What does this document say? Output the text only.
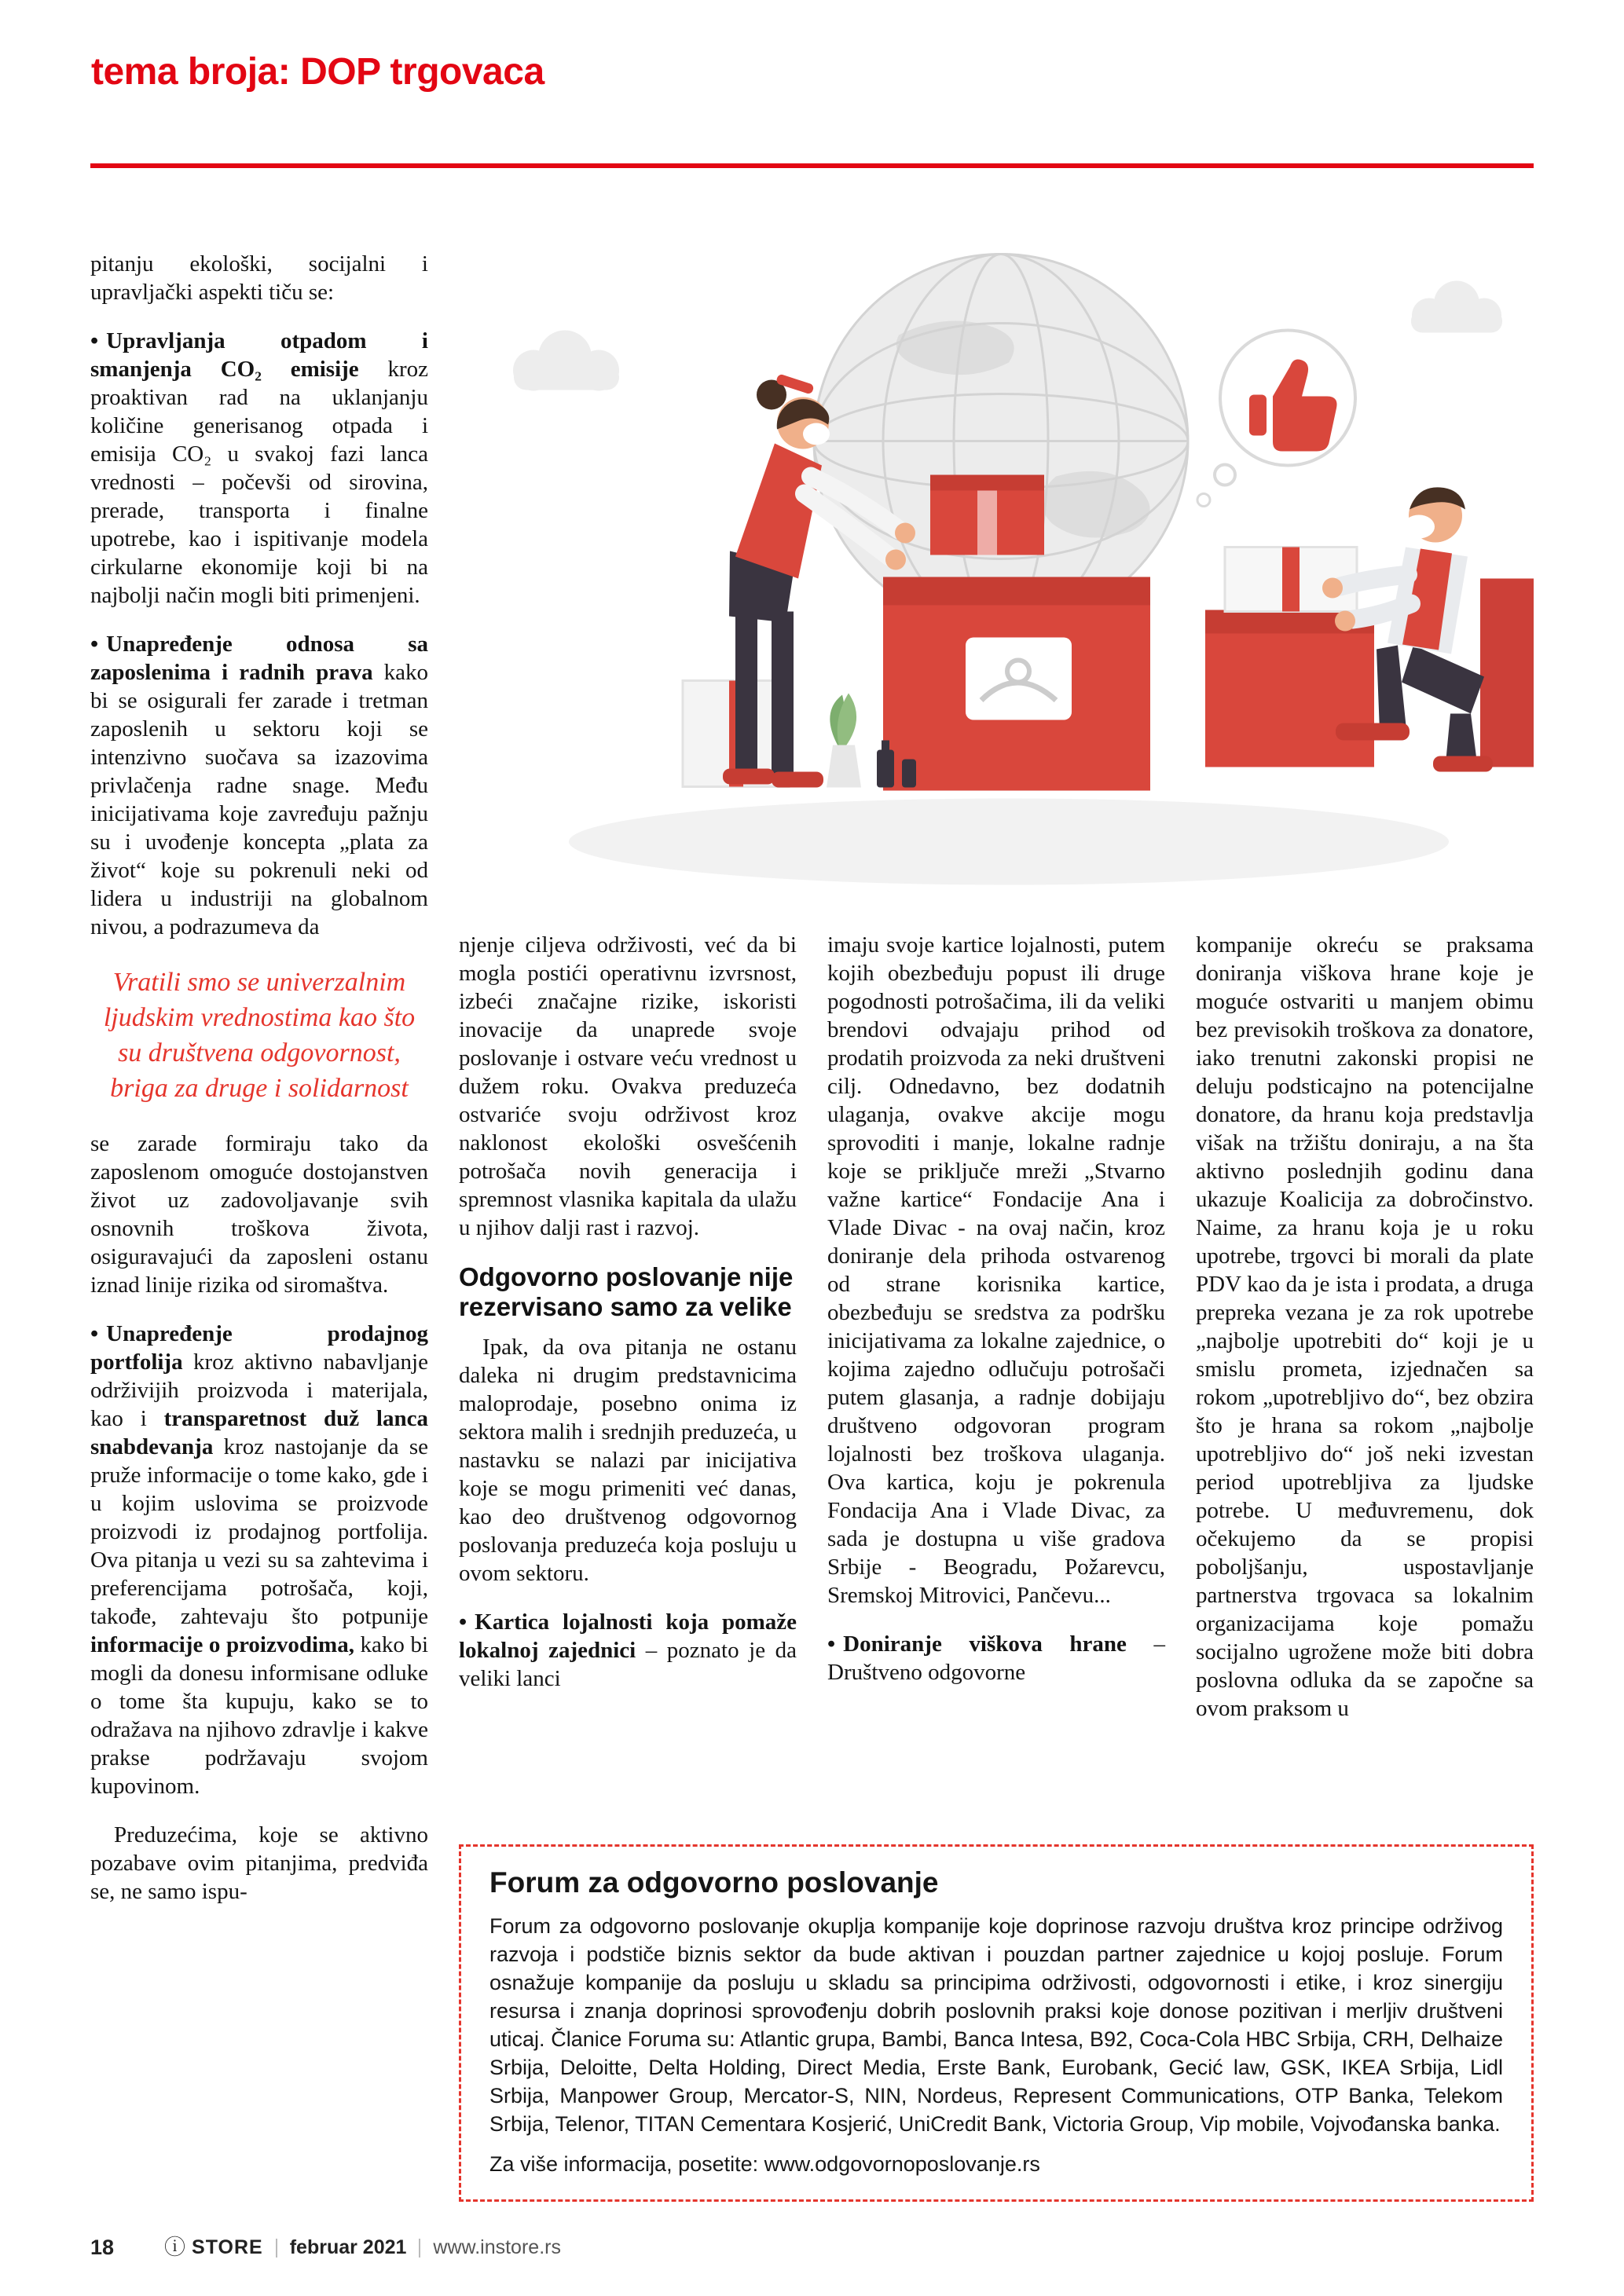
tema broja: DOP trgovaca

pitanju ekološki, socijalni i upravljački aspekti tiču se:

• Upravljanja otpadom i smanjenja CO₂ emisije kroz proaktivan rad na uklanjanju količine generisanog otpada i emisija CO₂ u svakoj fazi lanca vrednosti – počevši od sirovina, prerade, transporta i finalne upotrebe, kao i ispitivanje modela cirkularne ekonomije koji bi na najbolji način mogli biti primenjeni.

• Unapređenje odnosa sa zaposlenima i radnih prava kako bi se osigurali fer zarade i tretman zaposlenih u sektoru koji se intenzivno suočava sa izazovima privlačenja radne snage. Među inicijativama koje zavređuju pažnju su i uvođenje koncepta „plata za život“ koje su pokrenuli neki od lidera u industriji na globalnom nivou, a podrazumeva da

Vratili smo se univerzalnim ljudskim vrednostima kao što su društvena odgovornost, briga za druge i solidarnost

se zarade formiraju tako da zaposlenom omoguće dostojanstven život uz zadovoljavanje svih osnovnih troškova života, osiguravajući da zaposleni ostanu iznad linije rizika od siromaštva.

• Unapređenje prodajnog portfolija kroz aktivno nabavljanje održivijih proizvoda i materijala, kao i transparetnost duž lanca snabdevanja kroz nastojanje da se pruže informacije o tome kako, gde i u kojim uslovima se proizvode proizvodi iz prodajnog portfolija. Ova pitanja u vezi su sa zahtevima i preferencijama potrošača, koji, takođe, zahtevaju što potpunije informacije o proizvodima, kako bi mogli da donesu informisane odluke o tome šta kupuju, kako se to odražava na njihovo zdravlje i kakve prakse podržavaju svojom kupovinom.

Preduzećima, koje se aktivno pozabave ovim pitanjima, predviđa se, ne samo ispu-

njenje ciljeva održivosti, već da bi mogla postići operativnu izvrsnost, izbeći značajne rizike, iskoristi inovacije da unaprede svoje poslovanje i ostvare veću vrednost u dužem roku. Ovakva preduzeća ostvariće svoju održivost kroz naklonost ekološki osvešćenih potrošača novih generacija i spremnost vlasnika kapitala da ulažu u njihov dalji rast i razvoj.

Odgovorno poslovanje nije rezervisano samo za velike

Ipak, da ova pitanja ne ostanu daleka ni drugim predstavnicima maloprodaje, posebno onima iz sektora malih i srednjih preduzeća, u nastavku se nalazi par inicijativa koje se mogu primeniti već danas, kao deo društvenog odgovornog poslovanja preduzeća koja posluju u ovom sektoru.

• Kartica lojalnosti koja pomaže lokalnoj zajednici – poznato je da veliki lanci

imaju svoje kartice lojalnosti, putem kojih obezbeđuju popust ili druge pogodnosti potrošačima, ili da veliki brendovi odvajaju prihod od prodatih proizvoda za neki društveni cilj. Odnedavno, bez dodatnih ulaganja, ovakve akcije mogu sprovoditi i manje, lokalne radnje koje se priključe mreži „Stvarno važne kartice“ Fondacije Ana i Vlade Divac - na ovaj način, kroz doniranje dela prihoda ostvarenog od strane korisnika kartice, obezbeđuju se sredstva za podršku inicijativama za lokalne zajednice, o kojima zajedno odlučuju potrošači putem glasanja, a radnje dobijaju društveno odgovoran program lojalnosti bez troškova ulaganja. Ova kartica, koju je pokrenula Fondacija Ana i Vlade Divac, za sada je dostupna u više gradova Srbije - Beogradu, Požarevcu, Sremskoj Mitrovici, Pančevu...

• Doniranje viškova hrane – Društveno odgovorne

kompanije okreću se praksama doniranja viškova hrane koje je moguće ostvariti u manjem obimu bez previsokih troškova za donatore, iako trenutni zakonski propisi ne deluju podsticajno na potencijalne donatore, da hranu koja predstavlja višak na tržištu doniraju, a na šta aktivno poslednjih godinu dana ukazuje Koalicija za dobročinstvo. Naime, za hranu koja je u roku upotrebe, trgovci bi morali da plate PDV kao da je ista i prodata, a druga prepreka vezana je za rok upotrebe „najbolje upotrebiti do“ koji je u smislu prometa, izjednačen sa rokom „upotrebljivo do“, bez obzira što je hrana sa rokom „najbolje upotrebljivo do“ još neki izvestan period upotrebljiva za ljudske potrebe. U međuvremenu, dok očekujemo da se propisi poboljšanju, uspostavljanje partnerstva trgovaca sa lokalnim organizacijama koje pomažu socijalno ugrožene može biti dobra poslovna odluka da se započne sa ovom praksom u

Forum za odgovorno poslovanje

Forum za odgovorno poslovanje okuplja kompanije koje doprinose razvoju društva kroz principe održivog razvoja i podstiče biznis sektor da bude aktivan i pouzdan partner zajednice u kojoj posluje. Forum osnažuje kompanije da posluju u skladu sa principima održivosti, odgovornosti i etike, i kroz sinergiju resursa i znanja doprinosi sprovođenju dobrih poslovnih praksi koje donose pozitivan i merljiv društveni uticaj. Članice Foruma su: Atlantic grupa, Bambi, Banca Intesa, B92, Coca-Cola HBC Srbija, CRH, Delhaize Srbija, Deloitte, Delta Holding, Direct Media, Erste Bank, Eurobank, Gecić law, GSK, IKEA Srbija, Lidl Srbija, Manpower Group, Mercator-S, NIN, Nordeus, Represent Communications, OTP Banka, Telekom Srbija, Telenor, TITAN Cementara Kosjerić, UniCredit Bank, Victoria Group, Vip mobile, Vojvođanska banka.

Za više informacija, posetite: www.odgovornoposlovanje.rs

18 ⓘ STORE februar 2021 www.instore.rs
